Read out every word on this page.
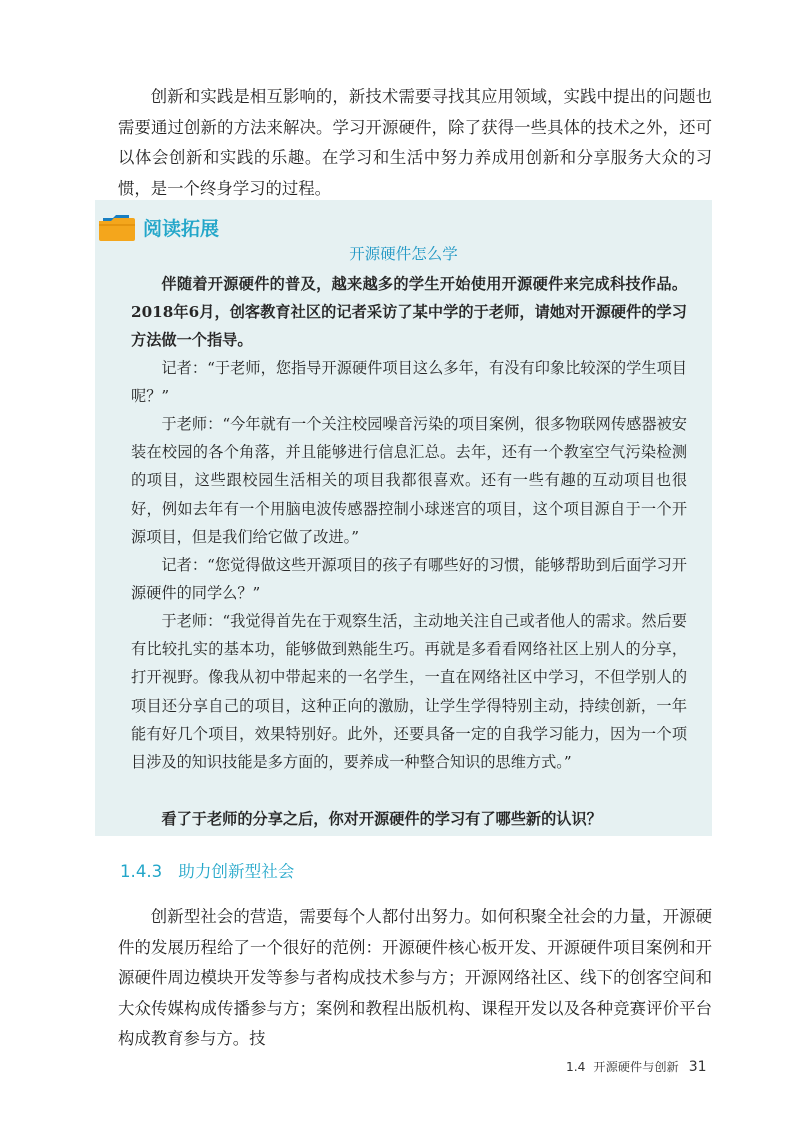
创新和实践是相互影响的，新技术需要寻找其应用领域，实践中提出的问题也需要通过创新的方法来解决。学习开源硬件，除了获得一些具体的技术之外，还可以体会创新和实践的乐趣。在学习和生活中努力养成用创新和分享服务大众的习惯，是一个终身学习的过程。

阅读拓展
开源硬件怎么学

伴随着开源硬件的普及，越来越多的学生开始使用开源硬件来完成科技作品。2018年6月，创客教育社区的记者采访了某中学的于老师，请她对开源硬件的学习方法做一个指导。

记者：“于老师，您指导开源硬件项目这么多年，有没有印象比较深的学生项目呢？”

于老师：“今年就有一个关注校园噪音污染的项目案例，很多物联网传感器被安装在校园的各个角落，并且能够进行信息汇总。去年，还有一个教室空气污染检测的项目，这些跟校园生活相关的项目我都很喜欢。还有一些有趣的互动项目也很好，例如去年有一个用脑电波传感器控制小球迷宫的项目，这个项目源自于一个开源项目，但是我们给它做了改进。”

记者：“您觉得做这些开源项目的孩子有哪些好的习惯，能够帮助到后面学习开源硬件的同学么？”

于老师：“我觉得首先在于观察生活，主动地关注自己或者他人的需求。然后要有比较扎实的基本功，能够做到熟能生巧。再就是多看看网络社区上别人的分享，打开视野。像我从初中带起来的一名学生，一直在网络社区中学习，不但学别人的项目还分享自己的项目，这种正向的激励，让学生学得特别主动，持续创新，一年能有好几个项目，效果特别好。此外，还要具备一定的自我学习能力，因为一个项目涉及的知识技能是多方面的，要养成一种整合知识的思维方式。”

看了于老师的分享之后，你对开源硬件的学习有了哪些新的认识？

1.4.3 助力创新型社会

创新型社会的营造，需要每个人都付出努力。如何积聚全社会的力量，开源硬件的发展历程给了一个很好的范例：开源硬件核心板开发、开源硬件项目案例和开源硬件周边模块开发等参与者构成技术参与方；开源网络社区、线下的创客空间和大众传媒构成传播参与方；案例和教程出版机构、课程开发以及各种竞赛评价平台构成教育参与方。技

1.4 开源硬件与创新 31
